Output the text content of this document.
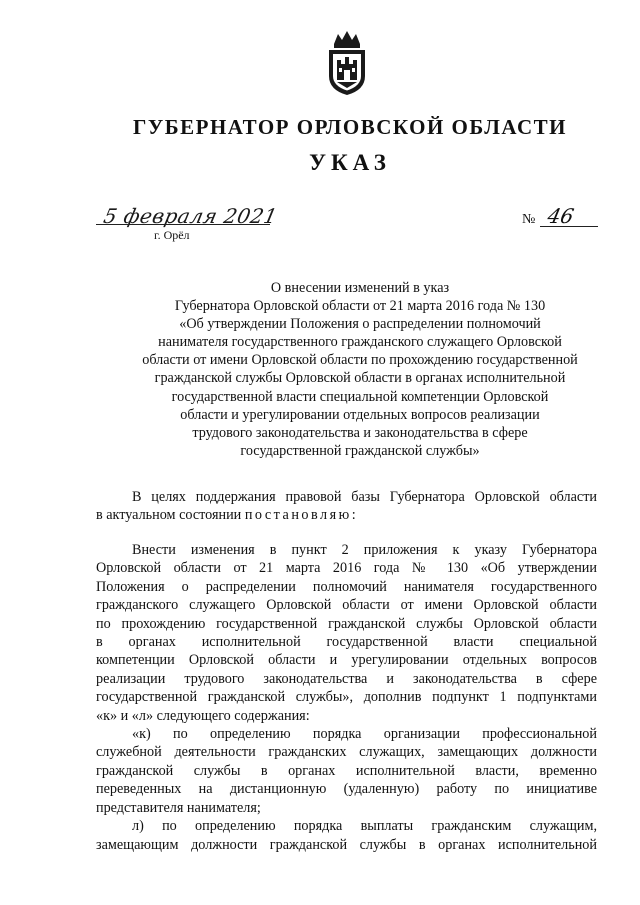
ГУБЕРНАТОР ОРЛОВСКОЙ ОБЛАСТИ
УКАЗ
5 февраля 2021
г. Орёл
№ 46
О внесении изменений в указ
Губернатора Орловской области от 21 марта 2016 года № 130
«Об утверждении Положения о распределении полномочий
нанимателя государственного гражданского служащего Орловской
области от имени Орловской области по прохождению государственной
гражданской службы Орловской области в органах исполнительной
государственной власти специальной компетенции Орловской
области и урегулировании отдельных вопросов реализации
трудового законодательства и законодательства в сфере
государственной гражданской службы»
В целях поддержания правовой базы Губернатора Орловской области
в актуальном состоянии постановляю:
Внести изменения в пункт 2 приложения к указу Губернатора
Орловской области от 21 марта 2016 года № 130 «Об утверждении
Положения о распределении полномочий нанимателя государственного
гражданского служащего Орловской области от имени Орловской области
по прохождению государственной гражданской службы Орловской области
в органах исполнительной государственной власти специальной
компетенции Орловской области и урегулировании отдельных вопросов
реализации трудового законодательства и законодательства в сфере
государственной гражданской службы», дополнив подпункт 1 подпунктами
«к» и «л» следующего содержания:
«к) по определению порядка организации профессиональной
служебной деятельности гражданских служащих, замещающих должности
гражданской службы в органах исполнительной власти, временно
переведенных на дистанционную (удаленную) работу по инициативе
представителя нанимателя;
л) по определению порядка выплаты гражданским служащим,
замещающим должности гражданской службы в органах исполнительной
